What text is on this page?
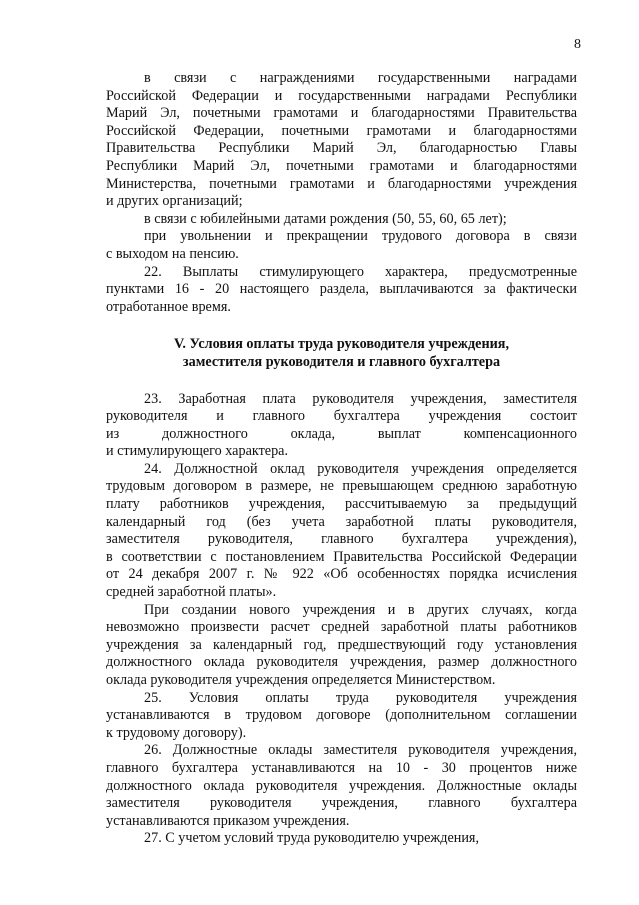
8
в связи с награждениями государственными наградами
Российской Федерации и государственными наградами Республики
Марий Эл, почетными грамотами и благодарностями Правительства
Российской Федерации, почетными грамотами и благодарностями
Правительства Республики Марий Эл, благодарностью Главы
Республики Марий Эл, почетными грамотами и благодарностями
Министерства, почетными грамотами и благодарностями учреждения
и других организаций;
в связи с юбилейными датами рождения (50, 55, 60, 65 лет);
при увольнении и прекращении трудового договора в связи
с выходом на пенсию.
22. Выплаты стимулирующего характера, предусмотренные
пунктами 16 - 20 настоящего раздела, выплачиваются за фактически
отработанное время.
V. Условия оплаты труда руководителя учреждения,
заместителя руководителя и главного бухгалтера
23. Заработная плата руководителя учреждения, заместителя
руководителя и главного бухгалтера учреждения состоит
из должностного оклада, выплат компенсационного
и стимулирующего характера.
24. Должностной оклад руководителя учреждения определяется
трудовым договором в размере, не превышающем среднюю заработную
плату работников учреждения, рассчитываемую за предыдущий
календарный год (без учета заработной платы руководителя,
заместителя руководителя, главного бухгалтера учреждения),
в соответствии с постановлением Правительства Российской Федерации
от 24 декабря 2007 г. № 922 «Об особенностях порядка исчисления
средней заработной платы».
При создании нового учреждения и в других случаях, когда
невозможно произвести расчет средней заработной платы работников
учреждения за календарный год, предшествующий году установления
должностного оклада руководителя учреждения, размер должностного
оклада руководителя учреждения определяется Министерством.
25. Условия оплаты труда руководителя учреждения
устанавливаются в трудовом договоре (дополнительном соглашении
к трудовому договору).
26. Должностные оклады заместителя руководителя учреждения,
главного бухгалтера устанавливаются на 10 - 30 процентов ниже
должностного оклада руководителя учреждения. Должностные оклады
заместителя руководителя учреждения, главного бухгалтера
устанавливаются приказом учреждения.
27. С учетом условий труда руководителю учреждения,
